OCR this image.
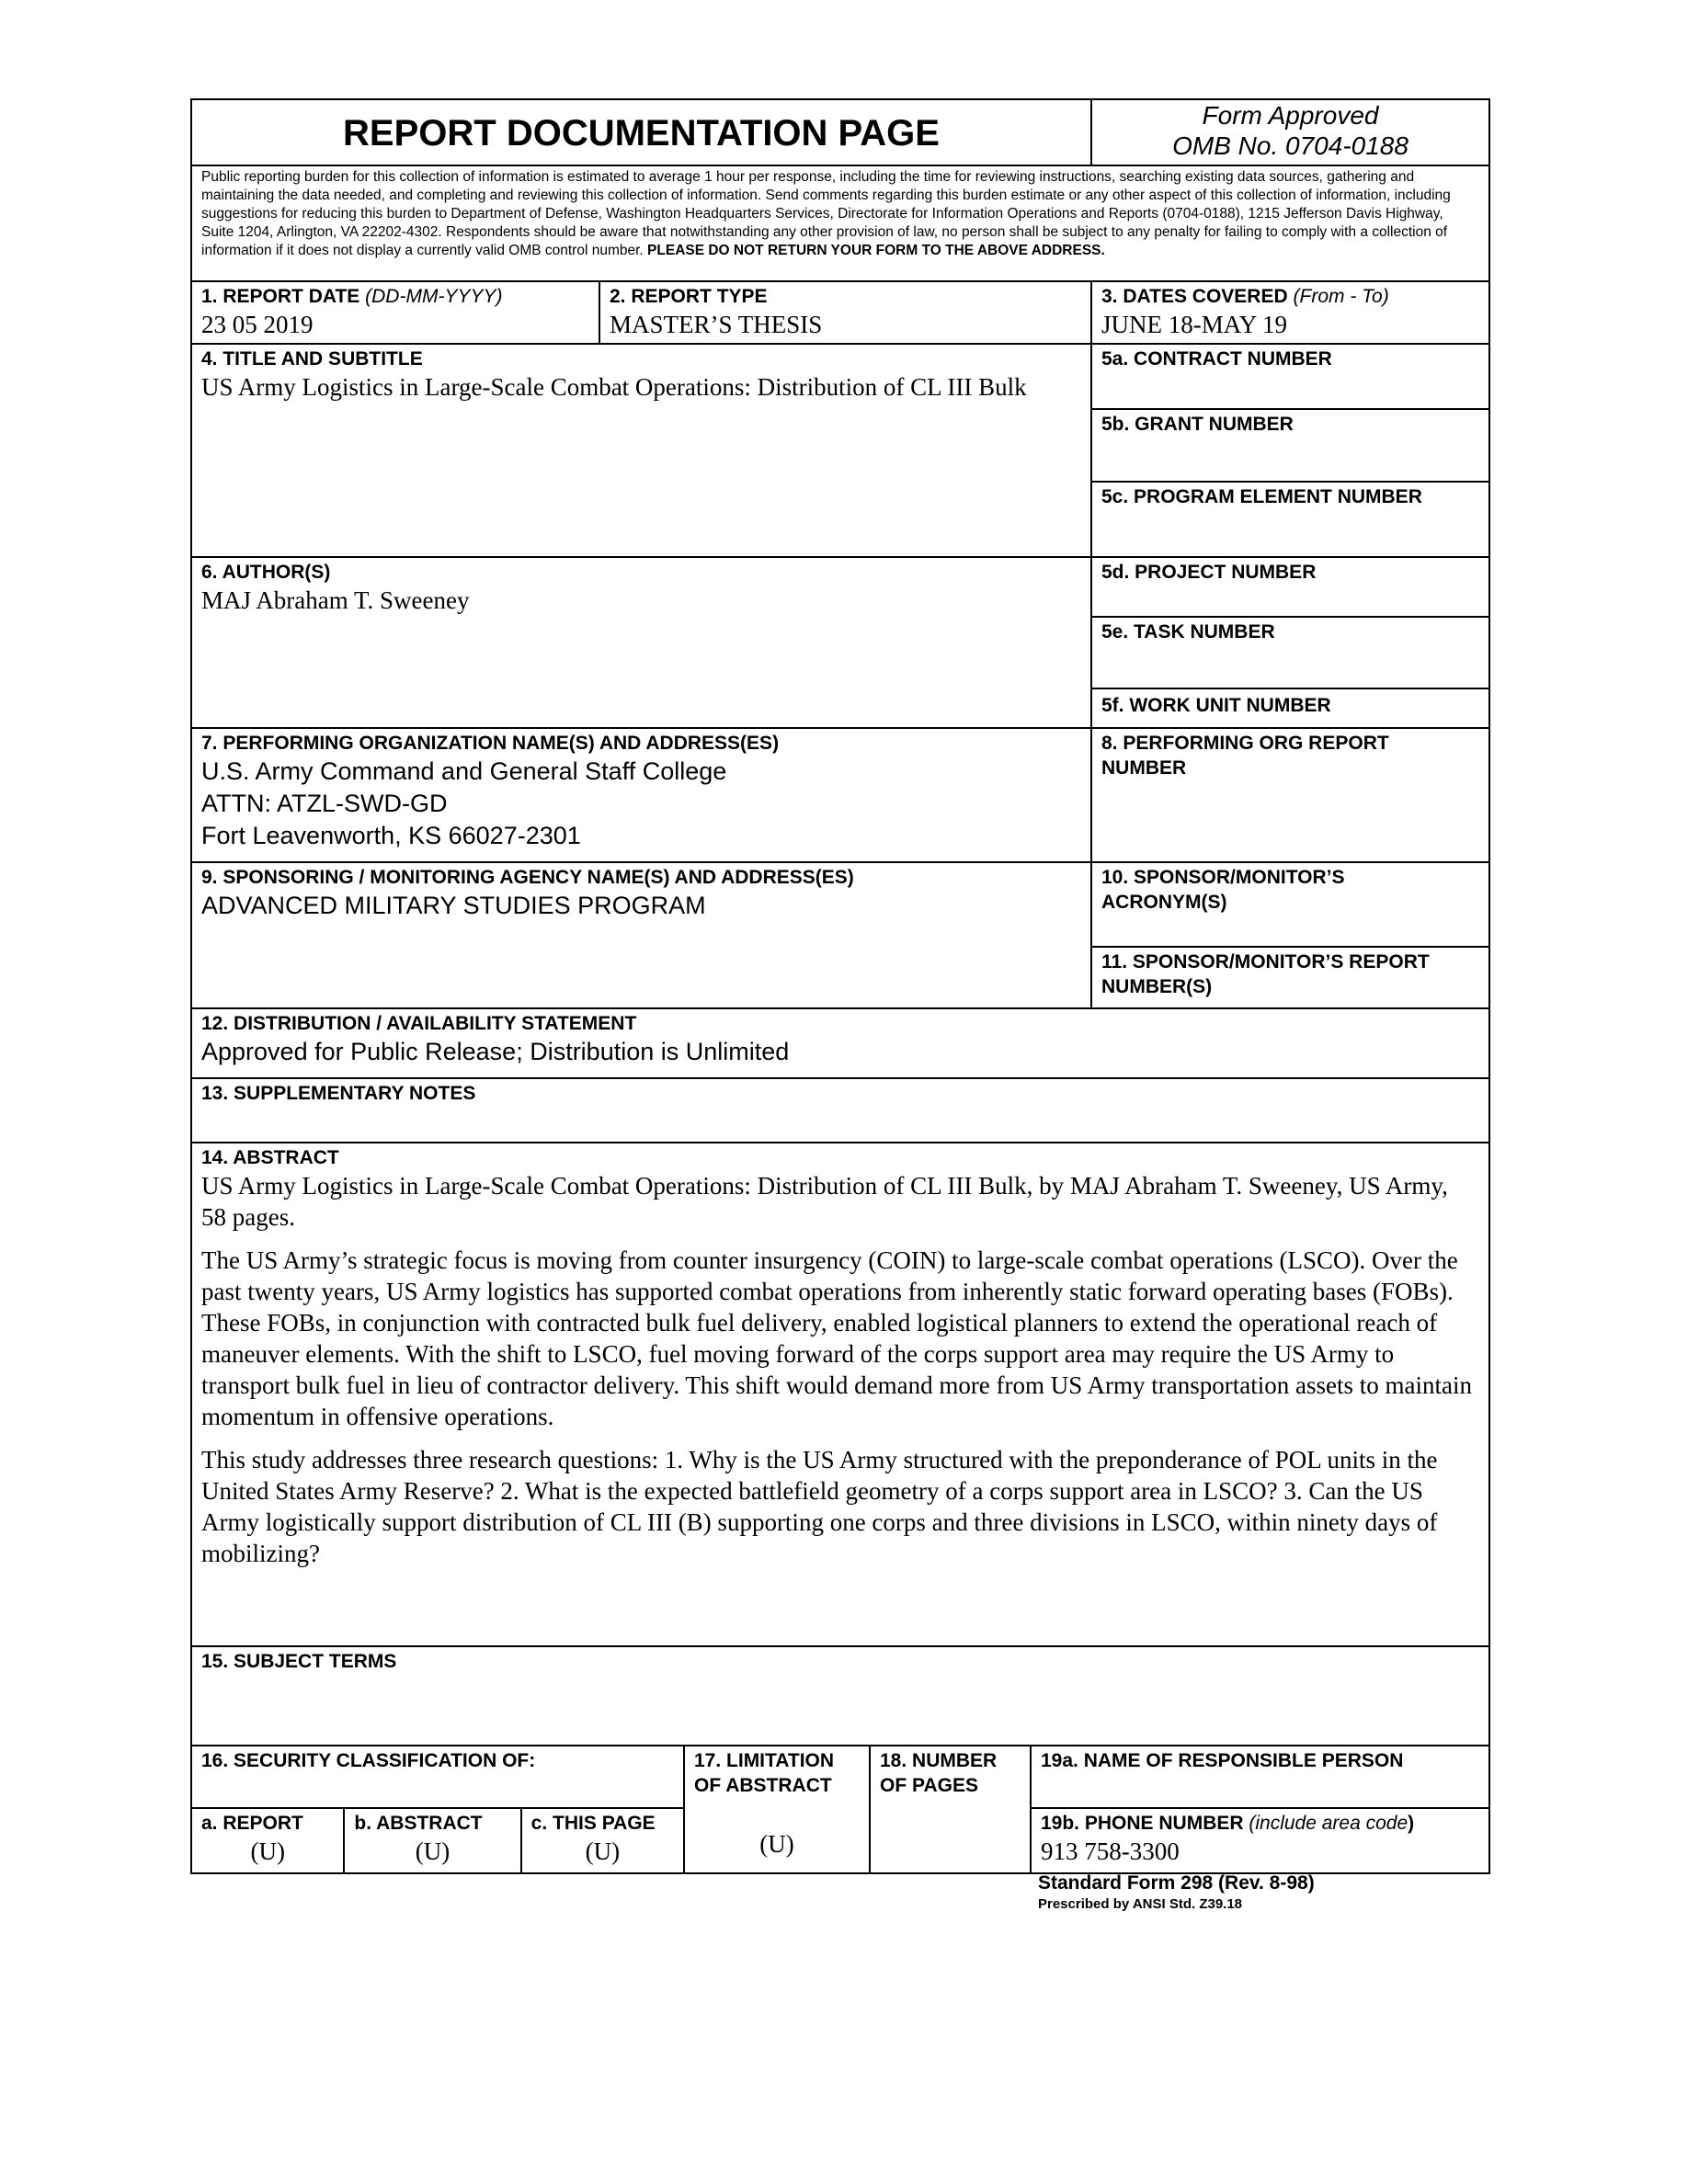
REPORT DOCUMENTATION PAGE	Form Approved
OMB No. 0704-0188
Public reporting burden for this collection of information is estimated to average 1 hour per response, including the time for reviewing instructions, searching existing data sources, gathering and maintaining the data needed, and completing and reviewing this collection of information. Send comments regarding this burden estimate or any other aspect of this collection of information, including suggestions for reducing this burden to Department of Defense, Washington Headquarters Services, Directorate for Information Operations and Reports (0704-0188), 1215 Jefferson Davis Highway, Suite 1204, Arlington, VA 22202-4302. Respondents should be aware that notwithstanding any other provision of law, no person shall be subject to any penalty for failing to comply with a collection of information if it does not display a currently valid OMB control number. PLEASE DO NOT RETURN YOUR FORM TO THE ABOVE ADDRESS.
1. REPORT DATE (DD-MM-YYYY)
23 05 2019
2. REPORT TYPE
MASTER’S THESIS
3. DATES COVERED (From - To)
JUNE 18-MAY 19
4. TITLE AND SUBTITLE
US Army Logistics in Large-Scale Combat Operations: Distribution of CL III Bulk
5a. CONTRACT NUMBER
5b. GRANT NUMBER
5c. PROGRAM ELEMENT NUMBER
6. AUTHOR(S)
MAJ Abraham T. Sweeney
5d. PROJECT NUMBER
5e. TASK NUMBER
5f. WORK UNIT NUMBER
7. PERFORMING ORGANIZATION NAME(S) AND ADDRESS(ES)
U.S. Army Command and General Staff College
ATTN: ATZL-SWD-GD
Fort Leavenworth, KS 66027-2301
8. PERFORMING ORG REPORT
NUMBER
9. SPONSORING / MONITORING AGENCY NAME(S) AND ADDRESS(ES)
ADVANCED MILITARY STUDIES PROGRAM
10. SPONSOR/MONITOR’S
ACRONYM(S)
11. SPONSOR/MONITOR’S REPORT
NUMBER(S)
12. DISTRIBUTION / AVAILABILITY STATEMENT
Approved for Public Release; Distribution is Unlimited
13. SUPPLEMENTARY NOTES
14. ABSTRACT

US Army Logistics in Large-Scale Combat Operations: Distribution of CL III Bulk, by MAJ Abraham T. Sweeney, US Army, 58 pages.

The US Army’s strategic focus is moving from counter insurgency (COIN) to large-scale combat operations (LSCO). Over the past twenty years, US Army logistics has supported combat operations from inherently static forward operating bases (FOBs). These FOBs, in conjunction with contracted bulk fuel delivery, enabled logistical planners to extend the operational reach of maneuver elements. With the shift to LSCO, fuel moving forward of the corps support area may require the US Army to transport bulk fuel in lieu of contractor delivery. This shift would demand more from US Army transportation assets to maintain momentum in offensive operations.

This study addresses three research questions: 1. Why is the US Army structured with the preponderance of POL units in the United States Army Reserve? 2. What is the expected battlefield geometry of a corps support area in LSCO? 3. Can the US Army logistically support distribution of CL III (B) supporting one corps and three divisions in LSCO, within ninety days of mobilizing?

15. SUBJECT TERMS
16. SECURITY CLASSIFICATION OF:
a. REPORT
(U)
b. ABSTRACT
(U)
c. THIS PAGE
(U)
17. LIMITATION
OF ABSTRACT
(U)
18. NUMBER
OF PAGES
19a. NAME OF RESPONSIBLE PERSON
19b. PHONE NUMBER (include area code)
913 758-3300
Standard Form 298 (Rev. 8-98)
Prescribed by ANSI Std. Z39.18
